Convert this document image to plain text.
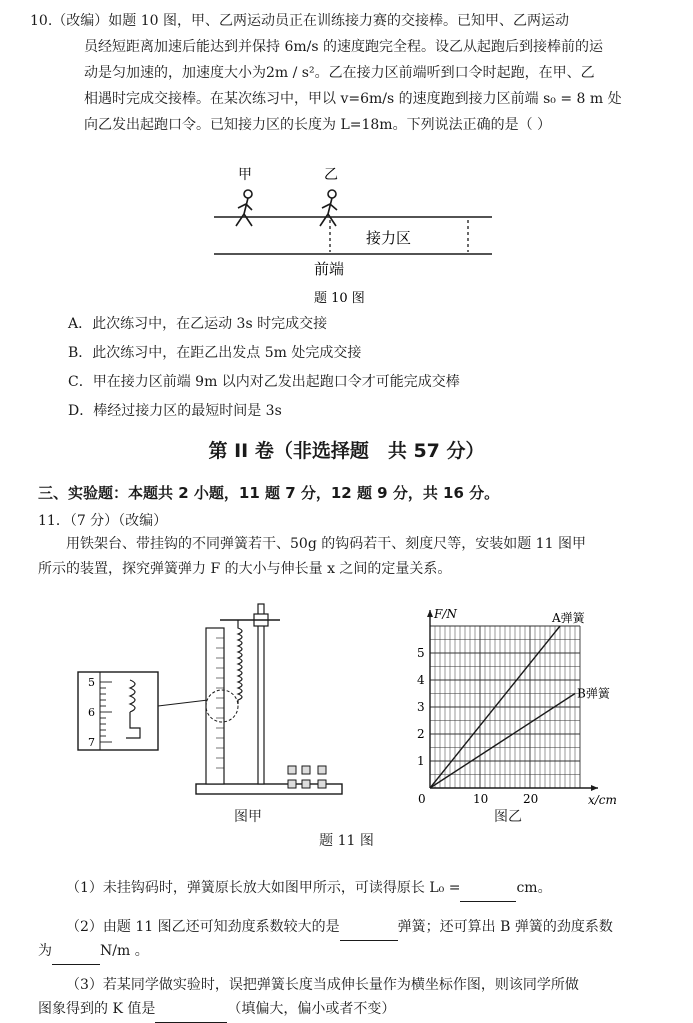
10.（改编）如题 10 图，甲、乙两运动员正在训练接力赛的交接棒。已知甲、乙两运动
员经短距离加速后能达到并保持 6m/s 的速度跑完全程。设乙从起跑后到接棒前的运
动是匀加速的，加速度大小为2m / s²。乙在接力区前端听到口令时起跑，在甲、乙
相遇时完成交接棒。在某次练习中，甲以 v=6m/s 的速度跑到接力区前端 s₀ = 8 m 处
向乙发出起跑口令。已知接力区的长度为 L=18m。下列说法正确的是（ ）
甲	乙
接力区
前端
题 10 图
A．此次练习中，在乙运动 3s 时完成交接
B．此次练习中，在距乙出发点 5m 处完成交接
C．甲在接力区前端 9m 以内对乙发出起跑口令才可能完成交棒
D．棒经过接力区的最短时间是 3s
第 II 卷（非选择题　共 57 分）
三、实验题：本题共 2 小题，11 题 7 分，12 题 9 分，共 16 分。
11．（7 分）（改编）
用铁架台、带挂钩的不同弹簧若干、50g 的钩码若干、刻度尺等，安装如题 11 图甲
所示的装置，探究弹簧弹力 F 的大小与伸长量 x 之间的定量关系。
5
6
7
图甲
10	20
1
2
3
4
5
0	x/cm
F/N	A弹簧
B弹簧
图乙
题 11 图
（1）未挂钩码时，弹簧原长放大如图甲所示，可读得原长 L₀ =	cm。
（2）由题 11 图乙还可知劲度系数较大的是	弹簧；还可算出 B 弹簧的劲度系数
为	N/m 。
（3）若某同学做实验时，误把弹簧长度当成伸长量作为横坐标作图，则该同学所做
图象得到的 K 值是	（填偏大，偏小或者不变）
